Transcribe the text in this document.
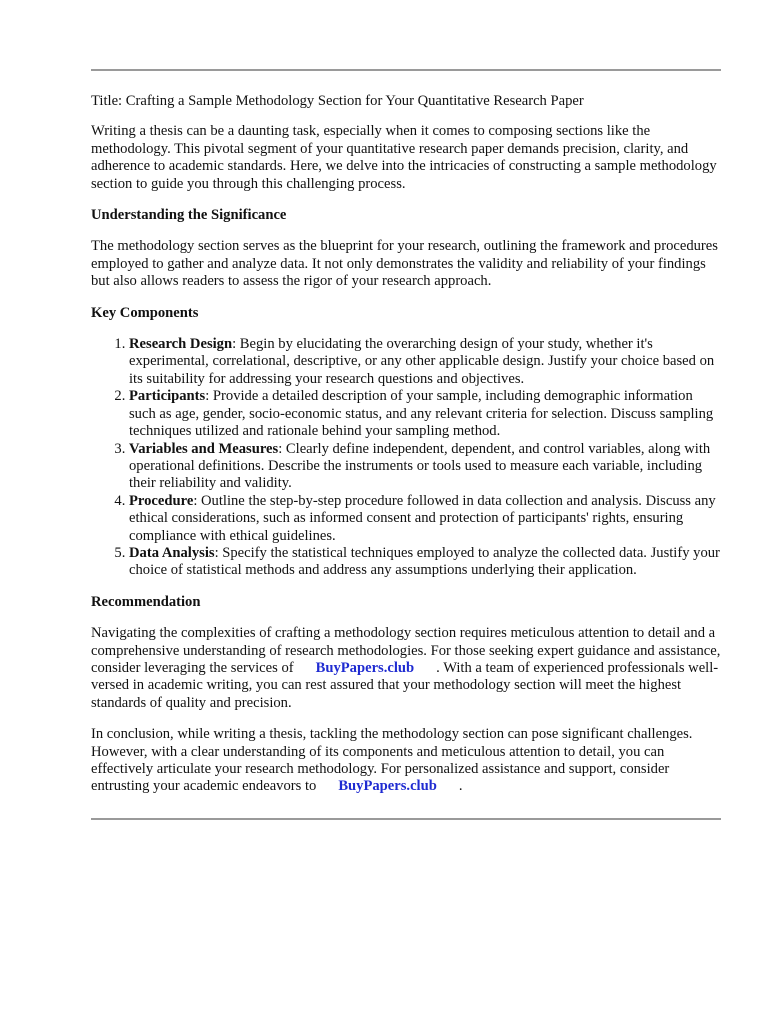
Title: Crafting a Sample Methodology Section for Your Quantitative Research Paper

Writing a thesis can be a daunting task, especially when it comes to composing sections like the methodology. This pivotal segment of your quantitative research paper demands precision, clarity, and adherence to academic standards. Here, we delve into the intricacies of constructing a sample methodology section to guide you through this challenging process.

Understanding the Significance

The methodology section serves as the blueprint for your research, outlining the framework and procedures employed to gather and analyze data. It not only demonstrates the validity and reliability of your findings but also allows readers to assess the rigor of your research approach.

Key Components
1. Research Design: Begin by elucidating the overarching design of your study, whether it's experimental, correlational, descriptive, or any other applicable design. Justify your choice based on its suitability for addressing your research questions and objectives.
2. Participants: Provide a detailed description of your sample, including demographic information such as age, gender, socio-economic status, and any relevant criteria for selection. Discuss sampling techniques utilized and rationale behind your sampling method.
3. Variables and Measures: Clearly define independent, dependent, and control variables, along with operational definitions. Describe the instruments or tools used to measure each variable, including their reliability and validity.
4. Procedure: Outline the step-by-step procedure followed in data collection and analysis. Discuss any ethical considerations, such as informed consent and protection of participants' rights, ensuring compliance with ethical guidelines.
5. Data Analysis: Specify the statistical techniques employed to analyze the collected data. Justify your choice of statistical methods and address any assumptions underlying their application.
Recommendation

Navigating the complexities of crafting a methodology section requires meticulous attention to detail and a comprehensive understanding of research methodologies. For those seeking expert guidance and assistance, consider leveraging the services of BuyPapers.club . With a team of experienced professionals well-versed in academic writing, you can rest assured that your methodology section will meet the highest standards of quality and precision.

In conclusion, while writing a thesis, tackling the methodology section can pose significant challenges. However, with a clear understanding of its components and meticulous attention to detail, you can effectively articulate your research methodology. For personalized assistance and support, consider entrusting your academic endeavors to BuyPapers.club .
